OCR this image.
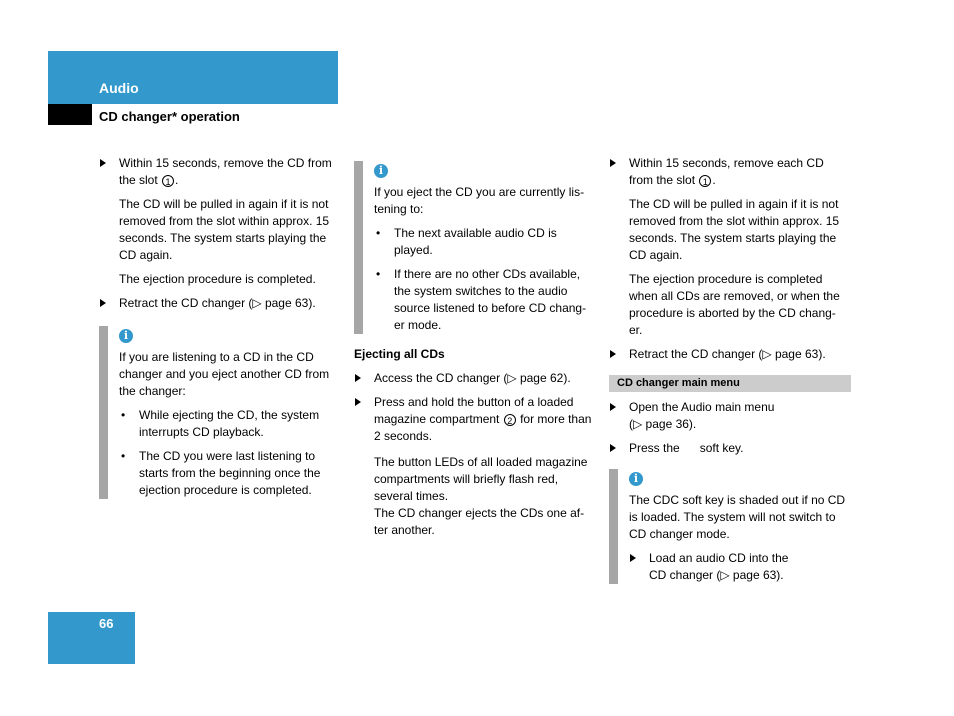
Audio
CD changer* operation
Within 15 seconds, remove the CD from the slot 1 .

The CD will be pulled in again if it is not removed from the slot within approx. 15 seconds. The system starts playing the CD again.

The ejection procedure is completed.

Retract the CD changer (▷ page 63).
i

If you are listening to a CD in the CD changer and you eject another CD from the changer:

• While ejecting the CD, the system interrupts CD playback.
• The CD you were last listening to starts from the beginning once the ejection procedure is completed.
i

If you eject the CD you are currently lis-tening to:

• The next available audio CD is played.
• If there are no other CDs available, the system switches to the audio source listened to before CD chang-er mode.
Ejecting all CDs
Access the CD changer (▷ page 62).
Press and hold the button of a loaded magazine compartment 2 for more than 2 seconds.
The button LEDs of all loaded magazine compartments will briefly flash red, several times.
The CD changer ejects the CDs one af-ter another.
Within 15 seconds, remove each CD from the slot 1 .

The CD will be pulled in again if it is not removed from the slot within approx. 15 seconds. The system starts playing the CD again.

The ejection procedure is completed when all CDs are removed, or when the procedure is aborted by the CD chang-er.

Retract the CD changer (▷ page 63).
CD changer main menu
Open the Audio main menu
(▷ page 36).
Press the      soft key.
i

The CDC soft key is shaded out if no CD is loaded. The system will not switch to CD changer mode.

Load an audio CD into the
CD changer (▷ page 63).
66
